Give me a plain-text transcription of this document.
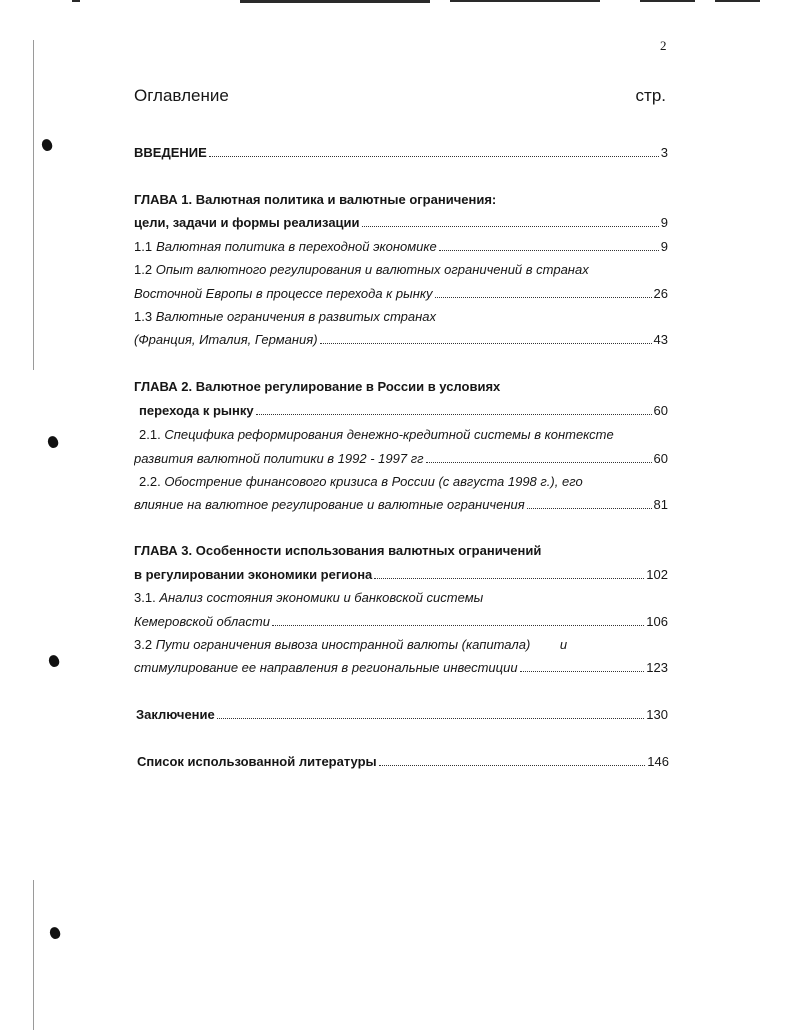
2
Оглавление	стр.
ВВЕДЕНИЕ	3
ГЛАВА 1. Валютная политика и валютные ограничения:
цели, задачи и формы реализации	9
1.1 Валютная политика в переходной экономике	9
1.2 Опыт валютного регулирования и валютных ограничений в странах
Восточной Европы в процессе перехода к рынку	26
1.3 Валютные ограничения в развитых странах
(Франция, Италия, Германия)	43
ГЛАВА 2. Валютное регулирование в России в условиях
перехода к рынку	60
2.1. Специфика реформирования денежно-кредитной системы в контексте
развития валютной политики в 1992 - 1997 гг	60
2.2. Обострение финансового кризиса в России (с августа 1998 г.), его
влияние на валютное регулирование и валютные ограничения	81
ГЛАВА 3. Особенности использования валютных ограничений
в регулировании экономики региона	102
3.1. Анализ состояния экономики и банковской системы
Кемеровской области	106
3.2 Пути ограничения вывоза иностранной валюты (капитала) и
стимулирование ее направления в региональные инвестиции	123
Заключение	130
Список использованной литературы	146
